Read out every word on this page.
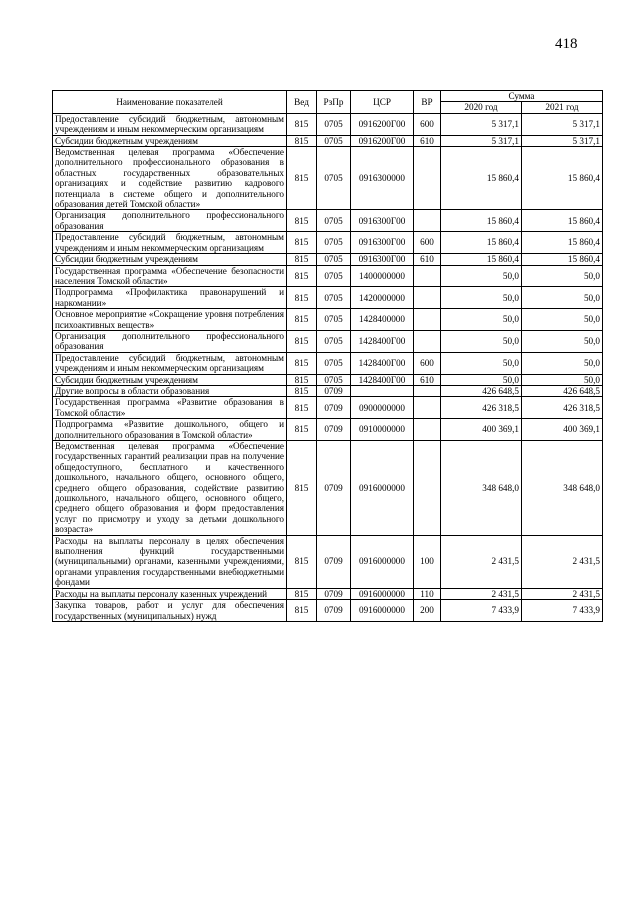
418
Наименование показателей	Вед	РзПр	ЦСР	ВР	Сумма	
					2020 год	2021 год
Предоставление субсидий бюджетным, автономным учреждениям и иным некоммерческим организациям	815	0705	0916200Г00	600	5 317,1	5 317,1
Субсидии бюджетным учреждениям	815	0705	0916200Г00	610	5 317,1	5 317,1
Ведомственная целевая программа «Обеспечение дополнительного профессионального образования в областных государственных образовательных организациях и содействие развитию кадрового потенциала в системе общего и дополнительного образования детей Томской области»	815	0705	0916300000		15 860,4	15 860,4
Организация дополнительного профессионального образования	815	0705	0916300Г00		15 860,4	15 860,4
Предоставление субсидий бюджетным, автономным учреждениям и иным некоммерческим организациям	815	0705	0916300Г00	600	15 860,4	15 860,4
Субсидии бюджетным учреждениям	815	0705	0916300Г00	610	15 860,4	15 860,4
Государственная программа «Обеспечение безопасности населения Томской области»	815	0705	1400000000		50,0	50,0
Подпрограмма «Профилактика правонарушений и наркомании»	815	0705	1420000000		50,0	50,0
Основное мероприятие «Сокращение уровня потребления психоактивных веществ»	815	0705	1428400000		50,0	50,0
Организация дополнительного профессионального образования	815	0705	1428400Г00		50,0	50,0
Предоставление субсидий бюджетным, автономным учреждениям и иным некоммерческим организациям	815	0705	1428400Г00	600	50,0	50,0
Субсидии бюджетным учреждениям	815	0705	1428400Г00	610	50,0	50,0
Другие вопросы в области образования	815	0709			426 648,5	426 648,5
Государственная программа «Развитие образования в Томской области»	815	0709	0900000000		426 318,5	426 318,5
Подпрограмма «Развитие дошкольного, общего и дополнительного образования в Томской области»	815	0709	0910000000		400 369,1	400 369,1
Ведомственная целевая программа «Обеспечение государственных гарантий реализации прав на получение общедоступного, бесплатного и качественного дошкольного, начального общего, основного общего, среднего общего образования, содействие развитию дошкольного, начального общего, основного общего, среднего общего образования и форм предоставления услуг по присмотру и уходу за детьми дошкольного возраста»	815	0709	0916000000		348 648,0	348 648,0
Расходы на выплаты персоналу в целях обеспечения выполнения функций государственными (муниципальными) органами, казенными учреждениями, органами управления государственными внебюджетными фондами	815	0709	0916000000	100	2 431,5	2 431,5
Расходы на выплаты персоналу казенных учреждений	815	0709	0916000000	110	2 431,5	2 431,5
Закупка товаров, работ и услуг для обеспечения государственных (муниципальных) нужд	815	0709	0916000000	200	7 433,9	7 433,9
